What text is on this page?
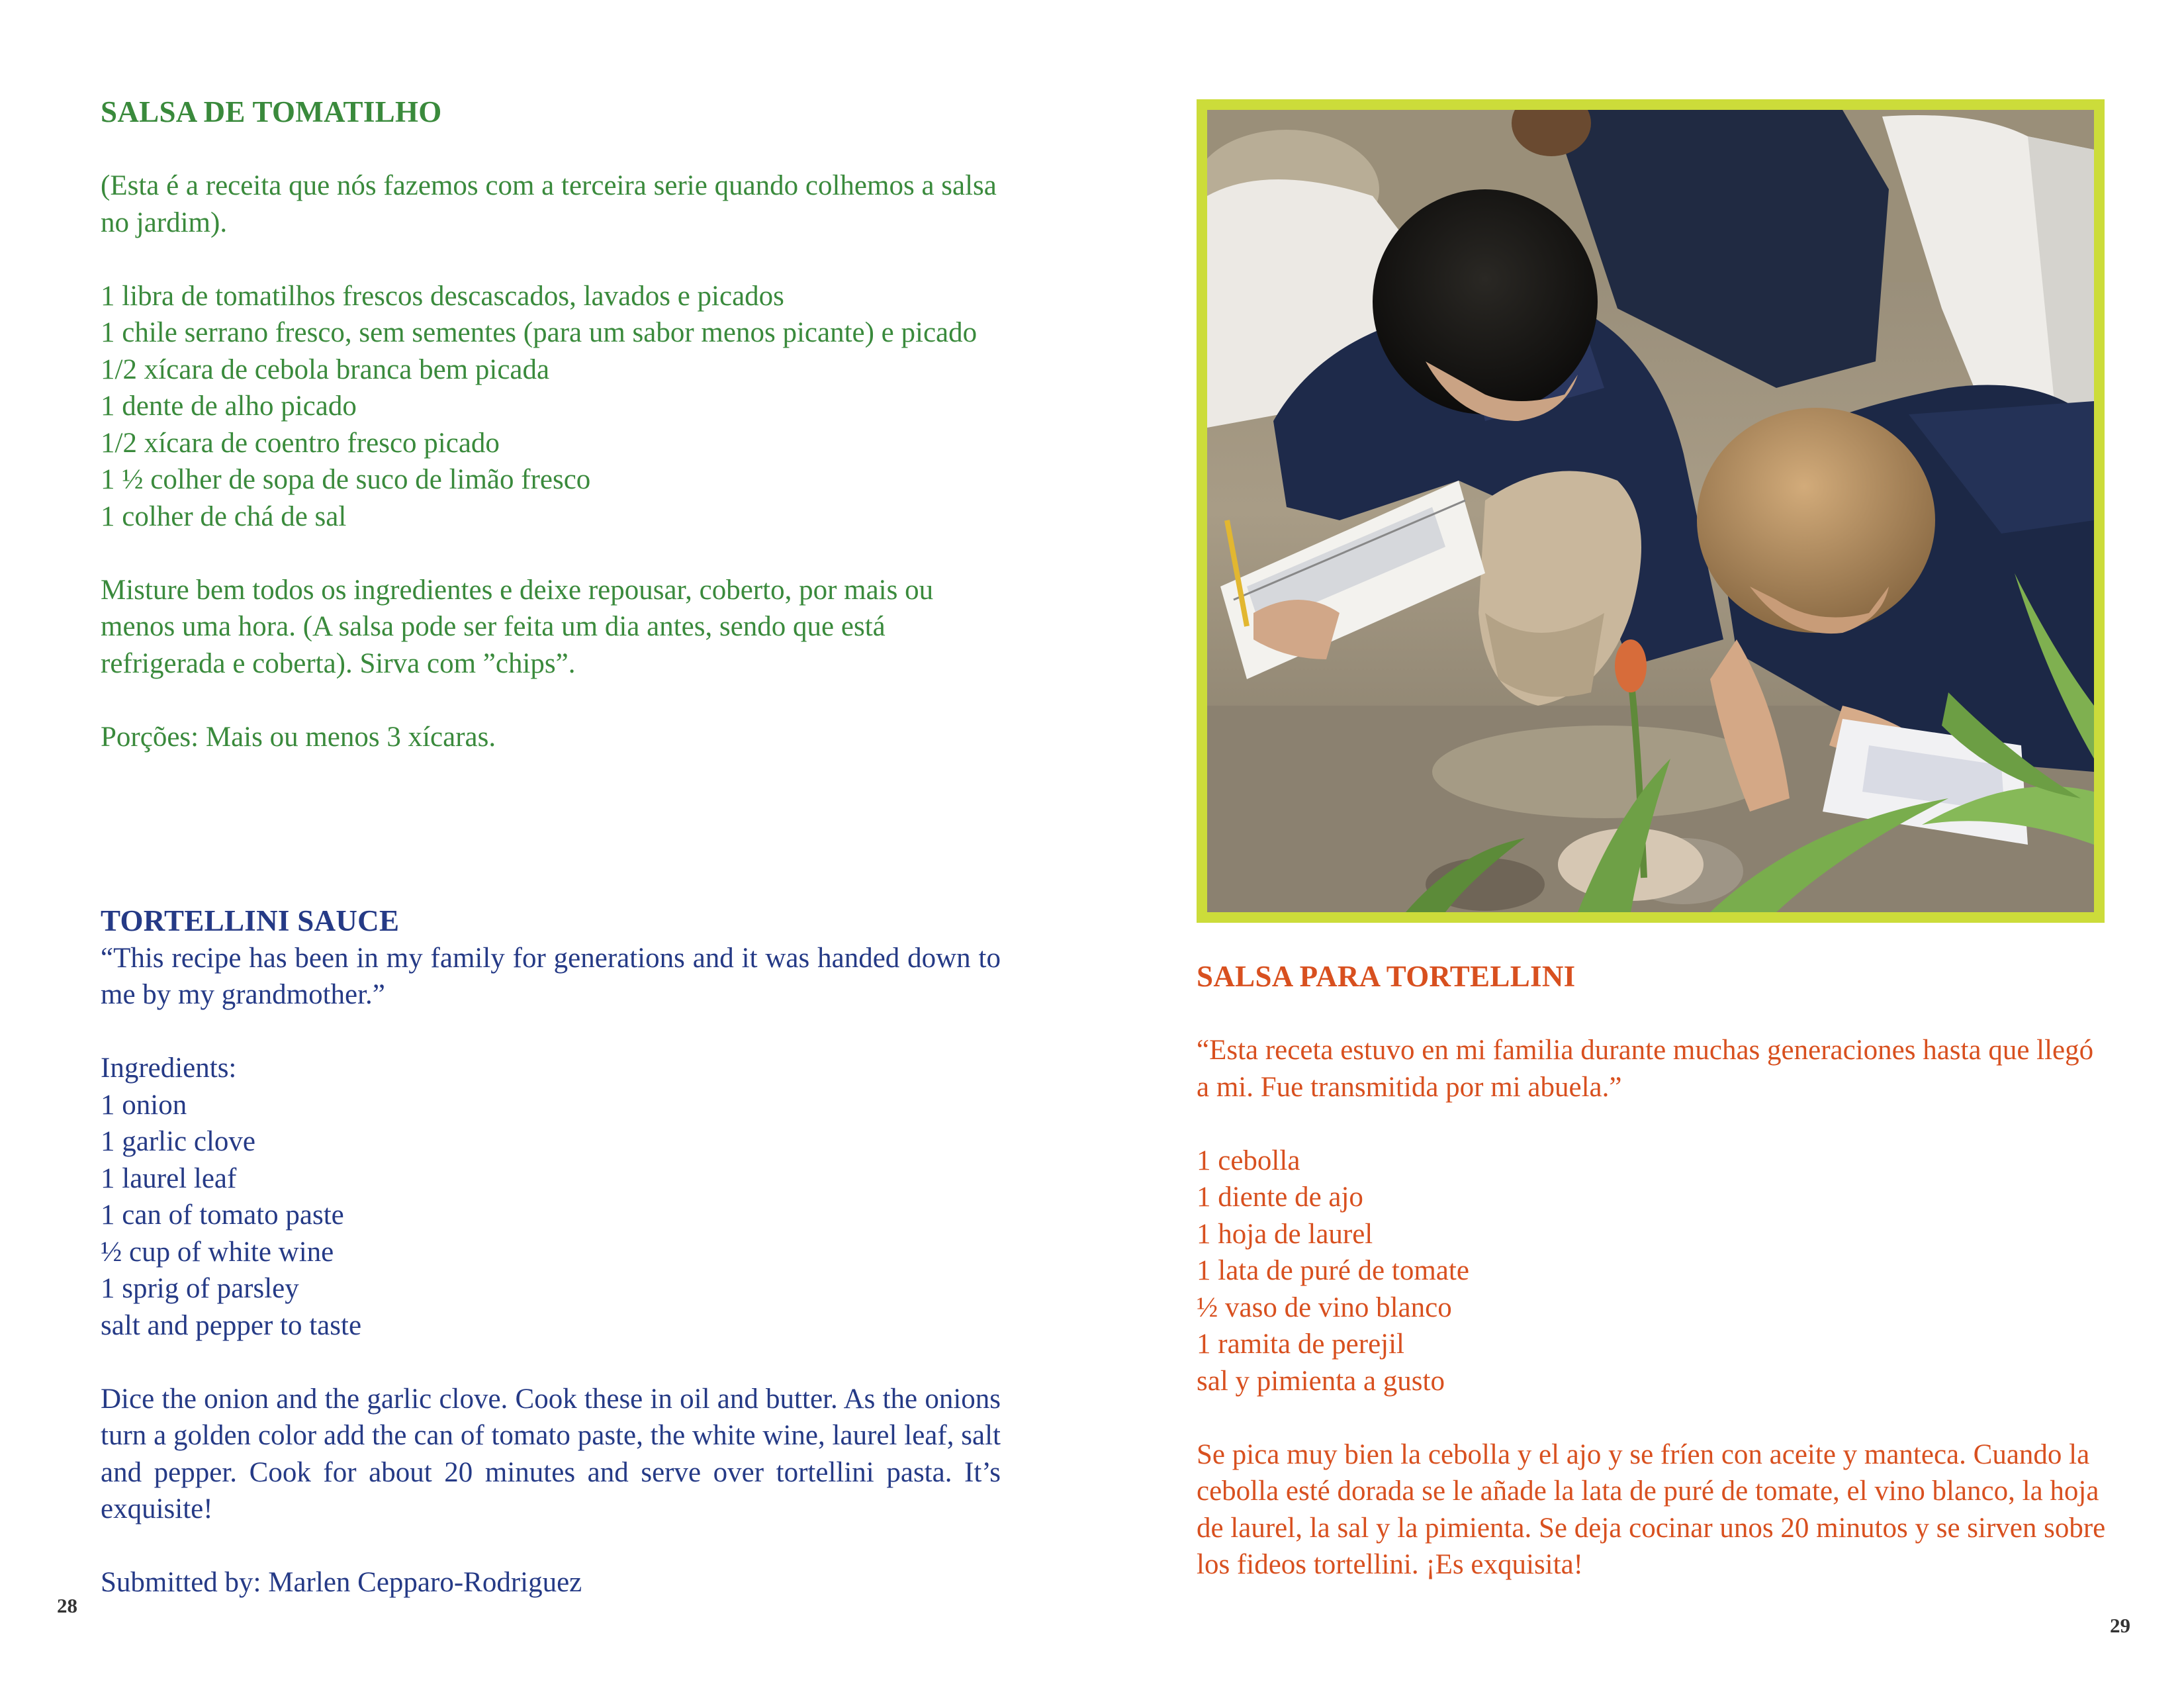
SALSA DE TOMATILHO

(Esta é a receita que nós fazemos com a terceira serie quando colhemos a salsa no jardim).

1 libra de tomatilhos frescos descascados, lavados e picados

1 chile serrano fresco, sem sementes (para um sabor menos picante) e picado

1/2 xícara de cebola branca bem picada

1 dente de alho picado

1/2 xícara de coentro fresco picado

1 ½ colher de sopa de suco de limão fresco

1 colher de chá de sal

Misture bem todos os ingredientes e deixe repousar, coberto, por mais ou menos uma hora. (A salsa pode ser feita um dia antes, sendo que está refrigerada e coberta). Sirva com ”chips”.

Porções: Mais ou menos 3 xícaras.

TORTELLINI SAUCE

“This recipe has been in my family for generations and it was handed down to me by my grandmother.”

Ingredients:

1 onion

1 garlic clove

1 laurel leaf

1 can of tomato paste

½ cup of white wine

1 sprig of parsley

salt and pepper to taste

Dice the onion and the garlic clove. Cook these in oil and butter. As the onions turn a golden color add the can of tomato paste, the white wine, laurel leaf, salt and pepper. Cook for about 20 minutes and serve over tortellini pasta. It’s exquisite!

Submitted by: Marlen Cepparo-Rodriguez

28

SALSA PARA TORTELLINI

“Esta receta estuvo en mi familia durante muchas generaciones hasta que llegó a mi. Fue transmitida por mi abuela.”

1 cebolla

1 diente de ajo

1 hoja de laurel

1 lata de puré de tomate

½ vaso de vino blanco

1 ramita de perejil

sal y pimienta a gusto

Se pica muy bien la cebolla y el ajo y se fríen con aceite y manteca. Cuando la cebolla esté dorada se le añade la lata de puré de tomate, el vino blanco, la hoja de laurel, la sal y la pimienta. Se deja cocinar unos 20 minutos y se sirven sobre los fideos tortellini. ¡Es exquisita!

29
